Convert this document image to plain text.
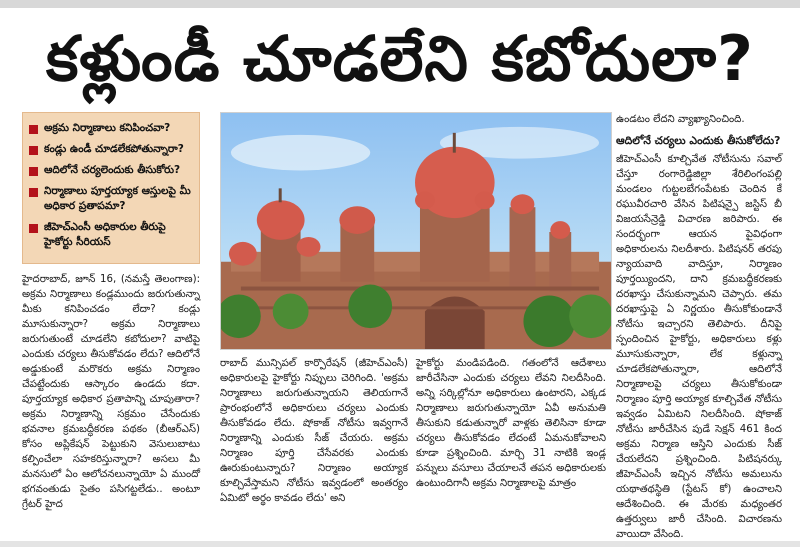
కళ్లుండీ చూడలేని కబోదులా?
అక్రమ నిర్మాణాలు కనిపించవా?
కండ్లు ఉండీ చూడలేకపోతున్నారా?
ఆదిలోనే చర్యలెందుకు తీసుకోరు?
నిర్మాణాలు పూర్తయ్యాక ఆస్తులపై మీ అధికార ప్రతాపమా?
జీహెచ్ఎంసీ అధికారుల తీరుపై హైకోర్టు సీరియస్

హైదరాబాద్, జూన్ 16, (నమస్తే తెలంగాణ): అక్రమ నిర్మాణాలు కండ్లముందు జరుగుతున్నా మీకు కనిపించడం లేదా? కండ్లు మూసుకున్నారా? అక్రమ నిర్మాణాలు జరుగుతుంటే చూడలేని కబోదులా? వాటిపై ఎందుకు చర్యలు తీసుకోవడం లేదు? ఆదిలోనే అడ్డుకుంటే మరొకరు అక్రమ నిర్మాణం చేపట్టేందుకు ఆస్కారం ఉండదు కదా. పూర్తయ్యాక అధికార ప్రతాపాన్ని చూపుతారా? అక్రమ నిర్మాణాన్ని సక్రమం చేసేందుకు భవనాల క్రమబద్ధీకరణ పథకం (బీఆర్ఎస్) కోసం అప్లికేషన్ పెట్టుకుని వెసులుబాటు కల్పించేలా సహకరిస్తున్నారా? అసలు మీ మనసులో ఏం ఆలోచనలున్నాయో ఏ ముందో భగవంతుడు సైతం పసిగట్టలేడు.. అంటూ గ్రేటర్ హైద

రాబాద్ మున్సిపల్ కార్పొరేషన్ (జీహెచ్ఎంసీ) అధికారులపై హైకోర్టు నిప్పులు చెరిగింది. 'అక్రమ నిర్మాణాలు జరుగుతున్నాయని తెలియగానే ప్రారంభంలోనే అధికారులు చర్యలు ఎందుకు తీసుకోవడం లేదు. షోకాజ్ నోటీసు ఇవ్వగానే నిర్మాణాన్ని ఎందుకు సీజ్ చేయరు. అక్రమ నిర్మాణం పూర్తి చేసేవరకు ఎందుకు ఊరుకుంటున్నారు? నిర్మాణం అయ్యాక కూల్చివేస్తామని నోటీసు ఇవ్వడంలో అంతర్యం ఏమిటో అర్థం కావడం లేదు' అని

హైకోర్టు మండిపడింది. గతంలోనే ఆదేశాలు జారీచేసినా ఎందుకు చర్యలు లేవని నిలదీసింది. అన్ని సర్కిల్లోనూ అధికారులు ఉంటారని, ఎక్కడ నిర్మాణాలు జరుగుతున్నాయో ఏవీ అనుమతి తీసుకుని కడుతున్నారో వాళ్లకు తెలిసినా కూడా చర్యలు తీసుకోవడం లేదంటే ఏమనుకోవాలని కూడా ప్రశ్నించింది. మార్చి 31 నాటికి ఇండ్ల పన్నులు వసూలు చేయాలనే తపన అధికారులకు ఉంటుందిగానీ అక్రమ నిర్మాణాలపై మాత్రం

ఉండటం లేదని వ్యాఖ్యానించింది.

ఆదిలోనే చర్యలు ఎందుకు తీసుకోలేదు?

జీహెచ్ఎంసీ కూల్చివేత నోటీసును సవాల్ చేస్తూ రంగారెడ్డిజిల్లా శేరిలింగంపల్లి మండలం గుట్టలబేగంపేటకు చెందిన కే రఘువీరచారి వేసిన పిటిషన్పై జస్టిస్ బీ విజయసేన్రెడ్డి విచారణ జరిపారు. ఈ సందర్భంగా ఆయన పైవిధంగా అధికారులను నిలదీశారు. పిటిషనర్ తరపు న్యాయవాది వాదిస్తూ, నిర్మాణం పూర్తయ్యిందని, దాని క్రమబద్ధీకరణకు దరఖాస్తు చేసుకున్నామని చెప్పారు. తమ దరఖాస్తుపై ఏ నిర్ణయం తీసుకోకుండానే నోటీసు ఇచ్చారని తెలిపారు. దీనిపై స్పందించిన హైకోర్టు, అధికారులు కళ్లు మూసుకున్నారా, లేక కళ్లున్నా చూడలేకపోతున్నారా, ఆదిలోనే నిర్మాణాలపై చర్యలు తీసుకోకుండా నిర్మాణం పూర్తి అయ్యాక కూల్చివేత నోటీసు ఇవ్వడం ఏమిటని నిలదీసింది. షోకాజ్ నోటీసు జారీచేసిన పుడే సెక్షన్ 461 కింద అక్రమ నిర్మాణ ఆస్తిని ఎందుకు సీజ్ చేయలేదని ప్రశ్నించింది. పిటిషనర్కు జీహెచ్ఎంసీ ఇచ్చిన నోటీసు అమలును యథాతథస్థితి (స్టేటస్ కో) ఉంచాలని ఆదేశించింది. ఈ మేరకు మధ్యంతర ఉత్తర్వులు జారీ చేసింది. విచారణను వాయిదా వేసింది.
